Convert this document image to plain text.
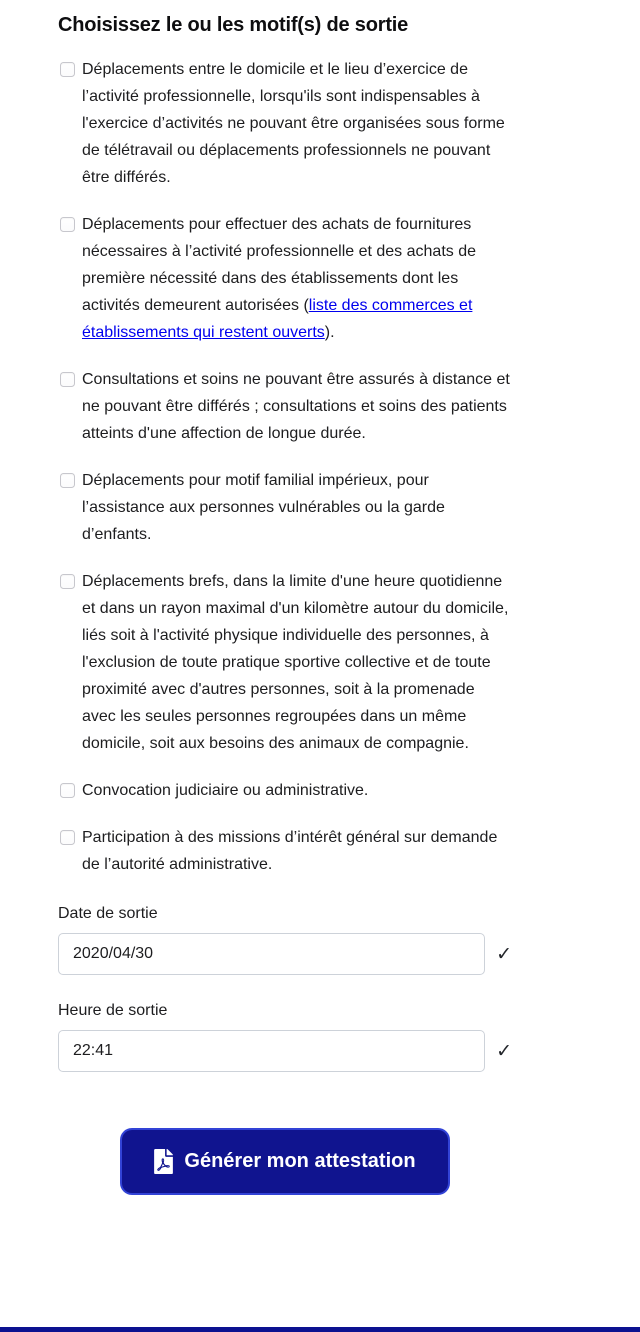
Choisissez le ou les motif(s) de sortie
Déplacements entre le domicile et le lieu d’exercice de l’activité professionnelle, lorsqu'ils sont indispensables à l'exercice d’activités ne pouvant être organisées sous forme de télétravail ou déplacements professionnels ne pouvant être différés.
Déplacements pour effectuer des achats de fournitures nécessaires à l’activité professionnelle et des achats de première nécessité dans des établissements dont les activités demeurent autorisées (liste des commerces et établissements qui restent ouverts).
Consultations et soins ne pouvant être assurés à distance et ne pouvant être différés ; consultations et soins des patients atteints d'une affection de longue durée.
Déplacements pour motif familial impérieux, pour l’assistance aux personnes vulnérables ou la garde d’enfants.
Déplacements brefs, dans la limite d'une heure quotidienne et dans un rayon maximal d'un kilomètre autour du domicile, liés soit à l'activité physique individuelle des personnes, à l'exclusion de toute pratique sportive collective et de toute proximité avec d'autres personnes, soit à la promenade avec les seules personnes regroupées dans un même domicile, soit aux besoins des animaux de compagnie.
Convocation judiciaire ou administrative.
Participation à des missions d’intérêt général sur demande de l’autorité administrative.
Date de sortie
2020/04/30
✓
Heure de sortie
22:41
✓
Générer mon attestation
